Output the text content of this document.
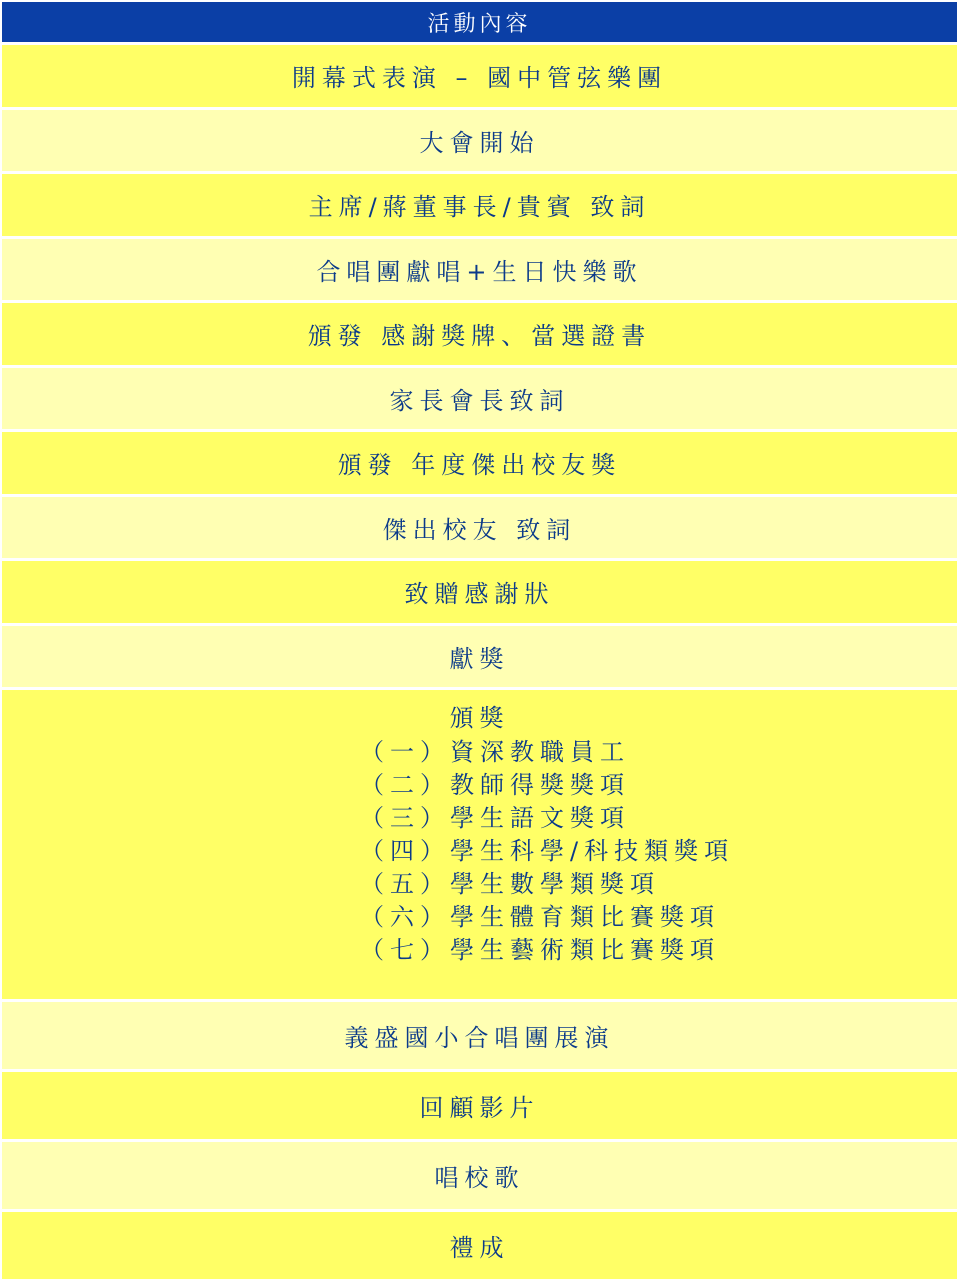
活動內容
開幕式表演 – 國中管弦樂團
大會開始
主席/蔣董事長/貴賓 致詞
合唱團獻唱+生日快樂歌
頒發 感謝獎牌、當選證書
家長會長致詞
頒發 年度傑出校友獎
傑出校友 致詞
致贈感謝狀
獻獎
頒獎
（一）資深教職員工
（二）教師得獎獎項
（三）學生語文獎項
（四）學生科學/科技類獎項
（五）學生數學類獎項
（六）學生體育類比賽獎項
（七）學生藝術類比賽獎項
義盛國小合唱團展演
回顧影片
唱校歌
禮成
